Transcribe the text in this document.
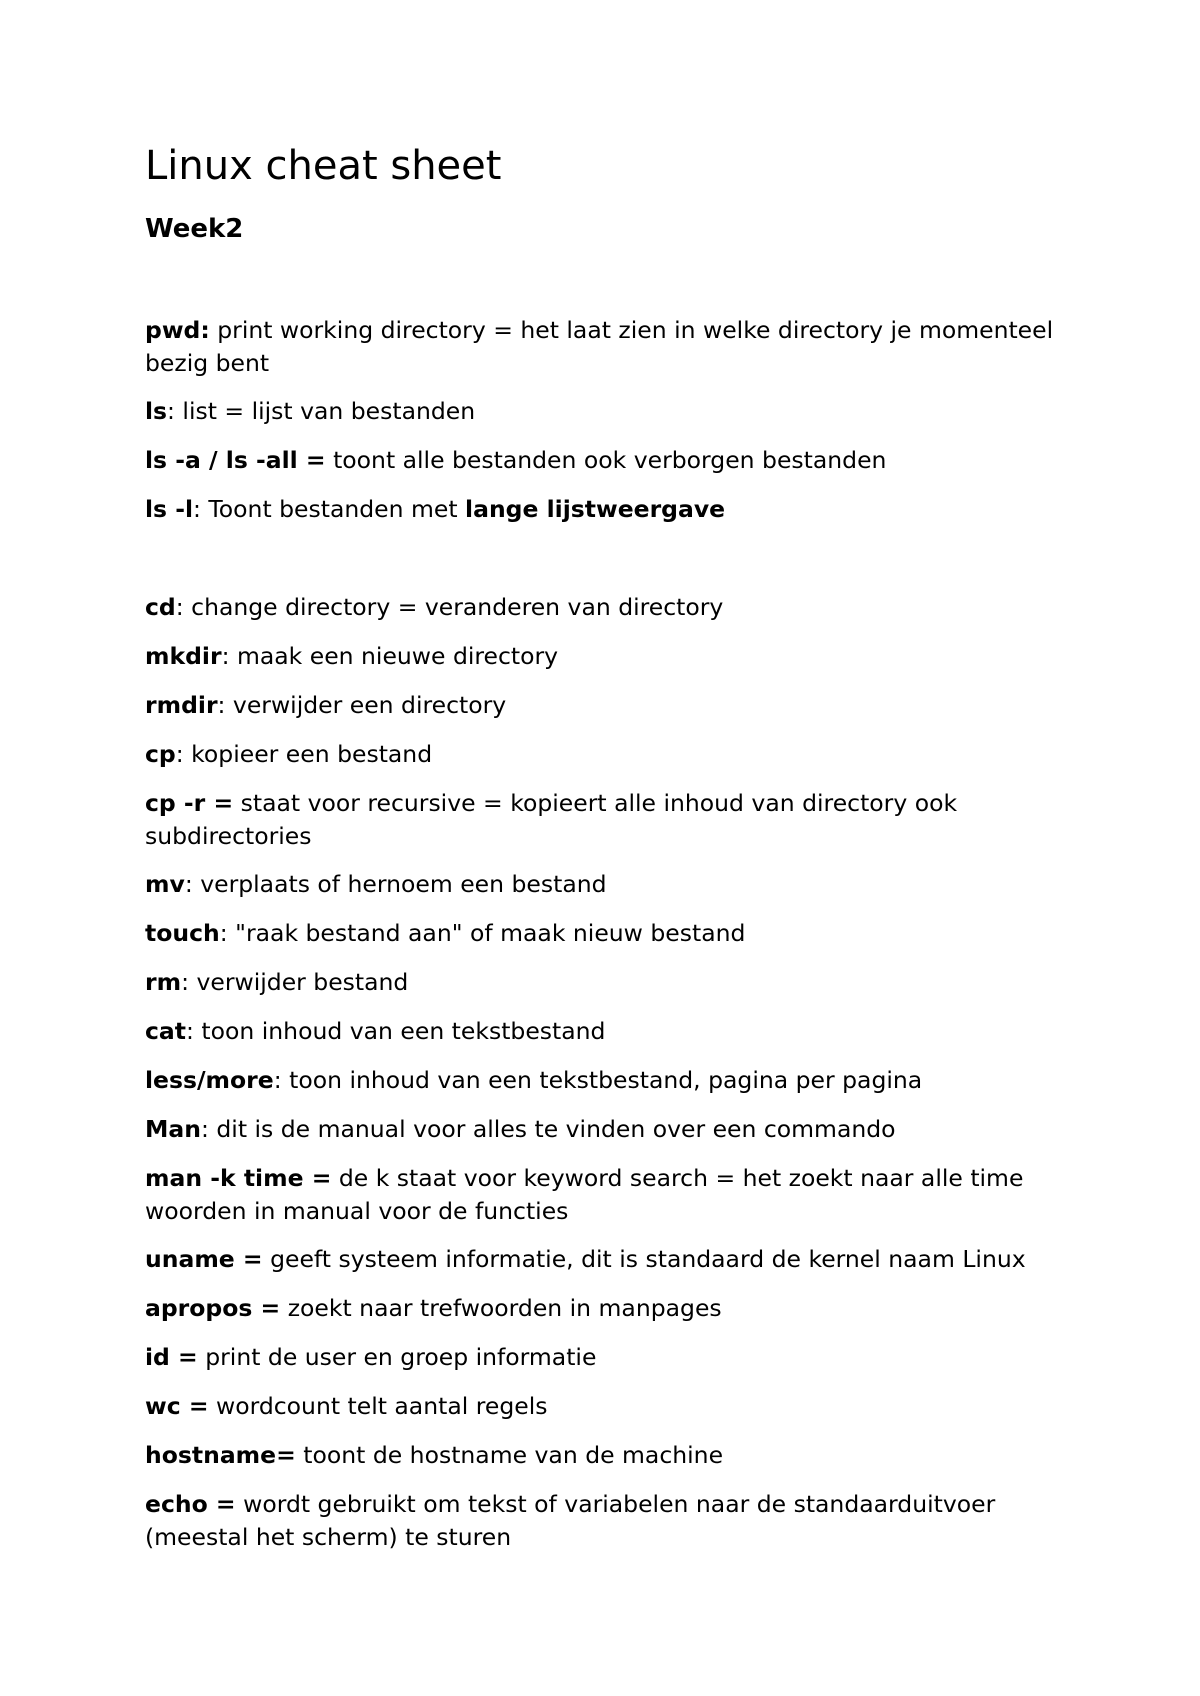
Linux cheat sheet
Week2

pwd: print working directory = het laat zien in welke directory je momenteel bezig bent

ls: list = lijst van bestanden

ls -a / ls -all = toont alle bestanden ook verborgen bestanden

ls -l: Toont bestanden met lange lijstweergave

cd: change directory = veranderen van directory

mkdir: maak een nieuwe directory

rmdir: verwijder een directory

cp: kopieer een bestand

cp -r = staat voor recursive = kopieert alle inhoud van directory ook subdirectories

mv: verplaats of hernoem een bestand

touch: "raak bestand aan" of maak nieuw bestand

rm: verwijder bestand

cat: toon inhoud van een tekstbestand

less/more: toon inhoud van een tekstbestand, pagina per pagina

Man: dit is de manual voor alles te vinden over een commando

man -k time = de k staat voor keyword search = het zoekt naar alle time woorden in manual voor de functies

uname = geeft systeem informatie, dit is standaard de kernel naam Linux

apropos = zoekt naar trefwoorden in manpages

id = print de user en groep informatie

wc = wordcount telt aantal regels

hostname= toont de hostname van de machine

echo = wordt gebruikt om tekst of variabelen naar de standaarduitvoer (meestal het scherm) te sturen
